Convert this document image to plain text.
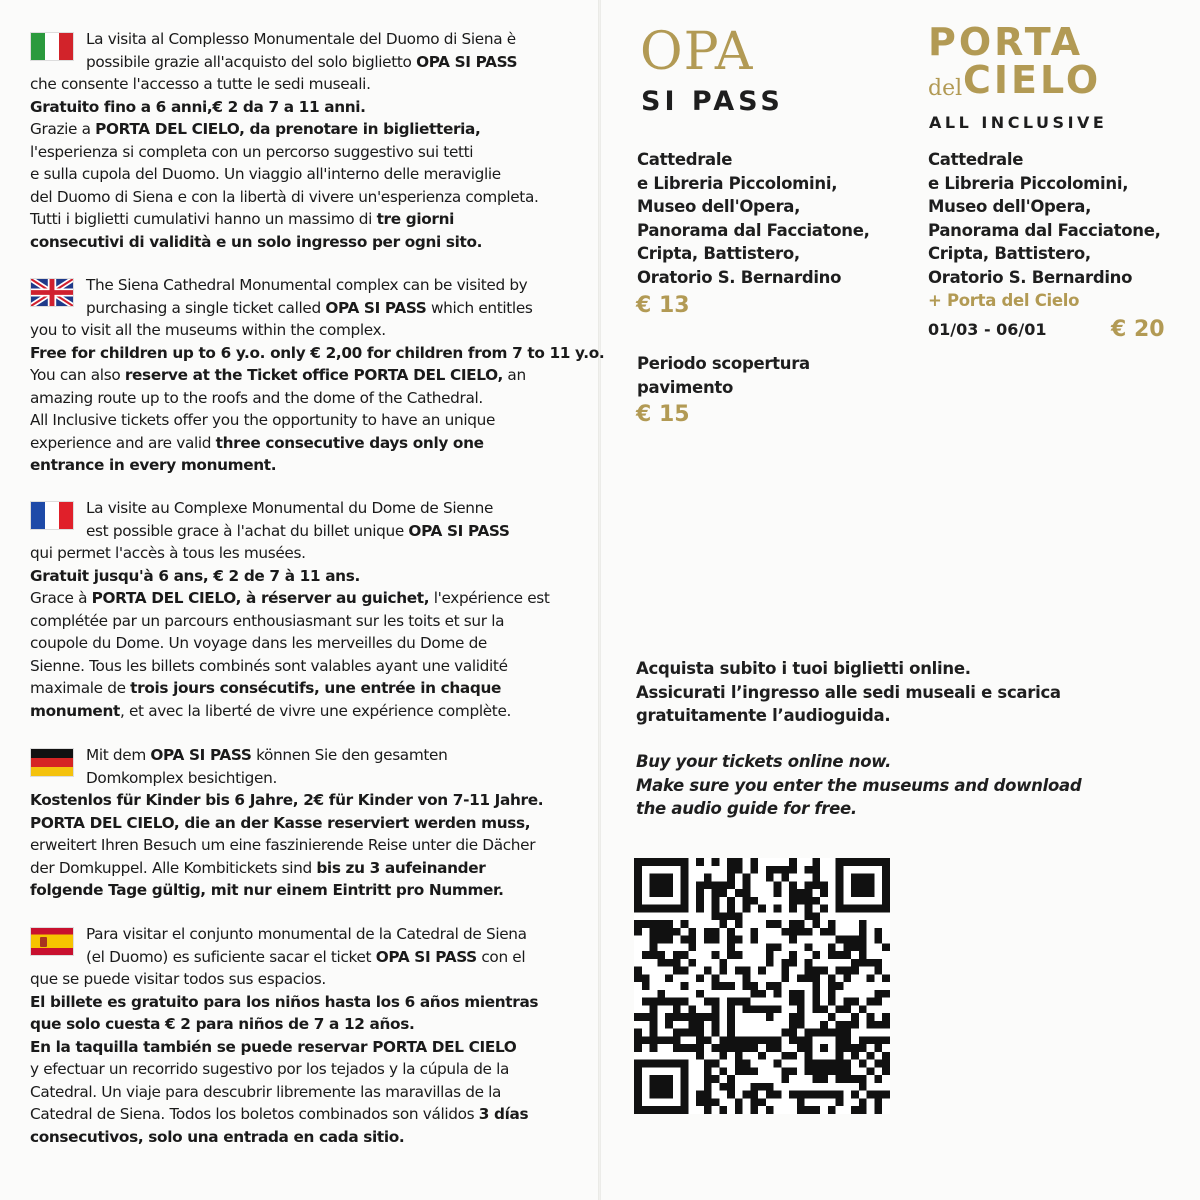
La visita al Complesso Monumentale del Duomo di Siena è

possibile grazie all'acquisto del solo biglietto OPA SI PASS

che consente l'accesso a tutte le sedi museali.

Gratuito fino a 6 anni,€ 2 da 7 a 11 anni.

Grazie a PORTA DEL CIELO, da prenotare in biglietteria,

l'esperienza si completa con un percorso suggestivo sui tetti

e sulla cupola del Duomo. Un viaggio all'interno delle meraviglie

del Duomo di Siena e con la libertà di vivere un'esperienza completa.

Tutti i biglietti cumulativi hanno un massimo di tre giorni

consecutivi di validità e un solo ingresso per ogni sito.

The Siena Cathedral Monumental complex can be visited by

purchasing a single ticket called OPA SI PASS which entitles

you to visit all the museums within the complex.

Free for children up to 6 y.o. only € 2,00 for children from 7 to 11 y.o.

You can also reserve at the Ticket office PORTA DEL CIELO, an

amazing route up to the roofs and the dome of the Cathedral.

All Inclusive tickets offer you the opportunity to have an unique

experience and are valid three consecutive days only one

entrance in every monument.

La visite au Complexe Monumental du Dome de Sienne

est possible grace à l'achat du billet unique OPA SI PASS

qui permet l'accès à tous les musées.

Gratuit jusqu'à 6 ans, € 2 de 7 à 11 ans.

Grace à PORTA DEL CIELO, à réserver au guichet, l'expérience est

complétée par un parcours enthousiasmant sur les toits et sur la

coupole du Dome. Un voyage dans les merveilles du Dome de

Sienne. Tous les billets combinés sont valables ayant une validité

maximale de trois jours consécutifs, une entrée in chaque

monument, et avec la liberté de vivre une expérience complète.

Mit dem OPA SI PASS können Sie den gesamten

Domkomplex besichtigen.

Kostenlos für Kinder bis 6 Jahre, 2€ für Kinder von 7-11 Jahre.

PORTA DEL CIELO, die an der Kasse reserviert werden muss,

erweitert Ihren Besuch um eine faszinierende Reise unter die Dächer

der Domkuppel. Alle Kombitickets sind bis zu 3 aufeinander

folgende Tage gültig, mit nur einem Eintritt pro Nummer.

Para visitar el conjunto monumental de la Catedral de Siena

(el Duomo) es suficiente sacar el ticket OPA SI PASS con el

que se puede visitar todos sus espacios.

El billete es gratuito para los niños hasta los 6 años mientras

que solo cuesta € 2 para niños de 7 a 12 años.

En la taquilla también se puede reservar PORTA DEL CIELO

y efectuar un recorrido sugestivo por los tejados y la cúpula de la

Catedral. Un viaje para descubrir libremente las maravillas de la

Catedral de Siena. Todos los boletos combinados son válidos 3 días

consecutivos, solo una entrada en cada sitio.

OPA
SI PASS
Cattedrale
e Libreria Piccolomini,
Museo dell'Opera,
Panorama dal Facciatone,
Cripta, Battistero,
Oratorio S. Bernardino
€ 13
Periodo scopertura
pavimento
€ 15
PORTA
del CIELO
ALL INCLUSIVE
Cattedrale
e Libreria Piccolomini,
Museo dell'Opera,
Panorama dal Facciatone,
Cripta, Battistero,
Oratorio S. Bernardino
+ Porta del Cielo
01/03 - 06/01	€ 20
Acquista subito i tuoi biglietti online.
Assicurati l’ingresso alle sedi museali e scarica
gratuitamente l’audioguida.
Buy your tickets online now.
Make sure you enter the museums and download
the audio guide for free.
